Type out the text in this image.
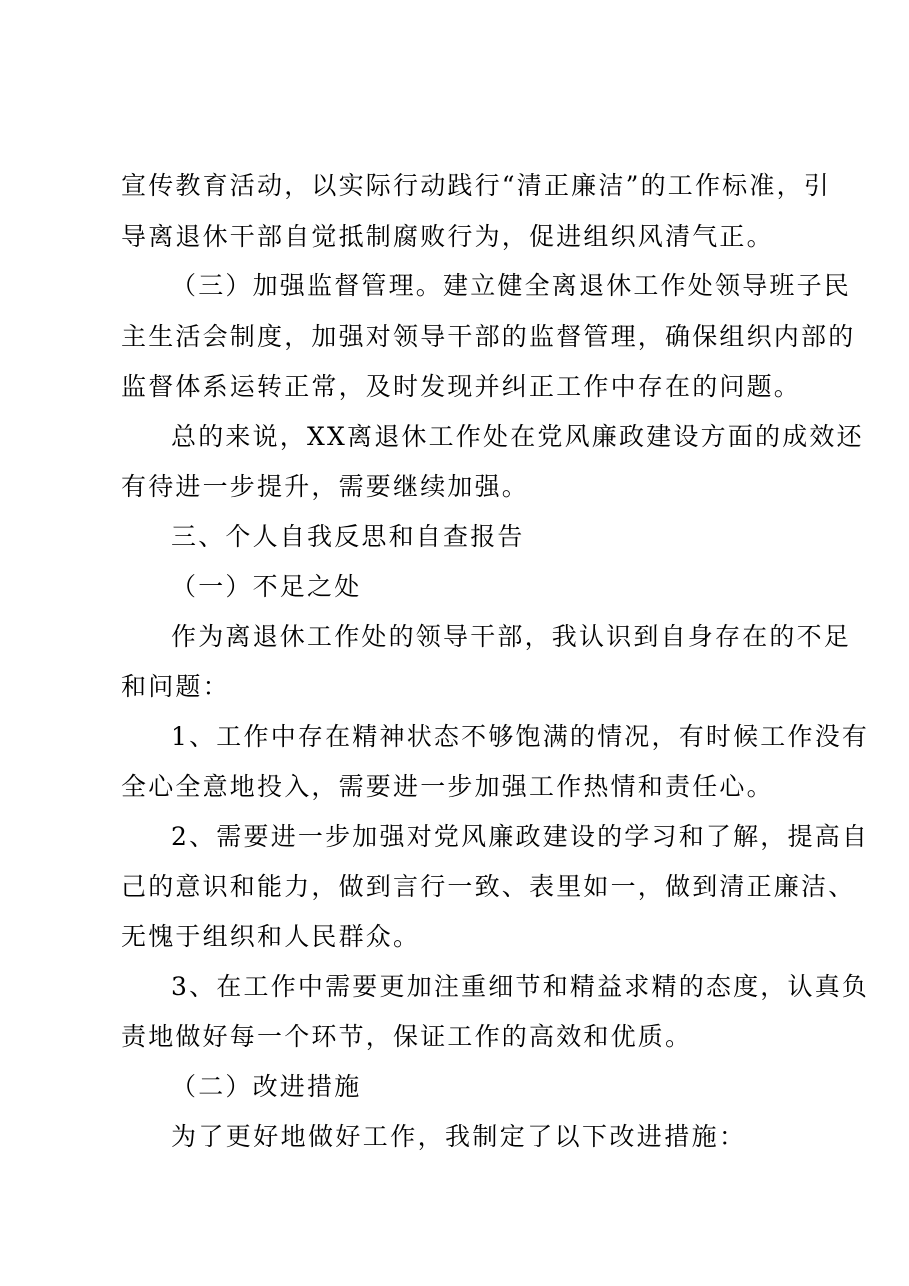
宣传教育活动，以实际行动践行“清正廉洁”的工作标准，引
导离退休干部自觉抵制腐败行为，促进组织风清气正。
（三）加强监督管理。建立健全离退休工作处领导班子民
主生活会制度，加强对领导干部的监督管理，确保组织内部的
监督体系运转正常，及时发现并纠正工作中存在的问题。
总的来说，XX离退休工作处在党风廉政建设方面的成效还
有待进一步提升，需要继续加强。
三、个人自我反思和自查报告
（一）不足之处
作为离退休工作处的领导干部，我认识到自身存在的不足
和问题：
1、工作中存在精神状态不够饱满的情况，有时候工作没有
全心全意地投入，需要进一步加强工作热情和责任心。
2、需要进一步加强对党风廉政建设的学习和了解，提高自
己的意识和能力，做到言行一致、表里如一，做到清正廉洁、
无愧于组织和人民群众。
3、在工作中需要更加注重细节和精益求精的态度，认真负
责地做好每一个环节，保证工作的高效和优质。
（二）改进措施
为了更好地做好工作，我制定了以下改进措施：
